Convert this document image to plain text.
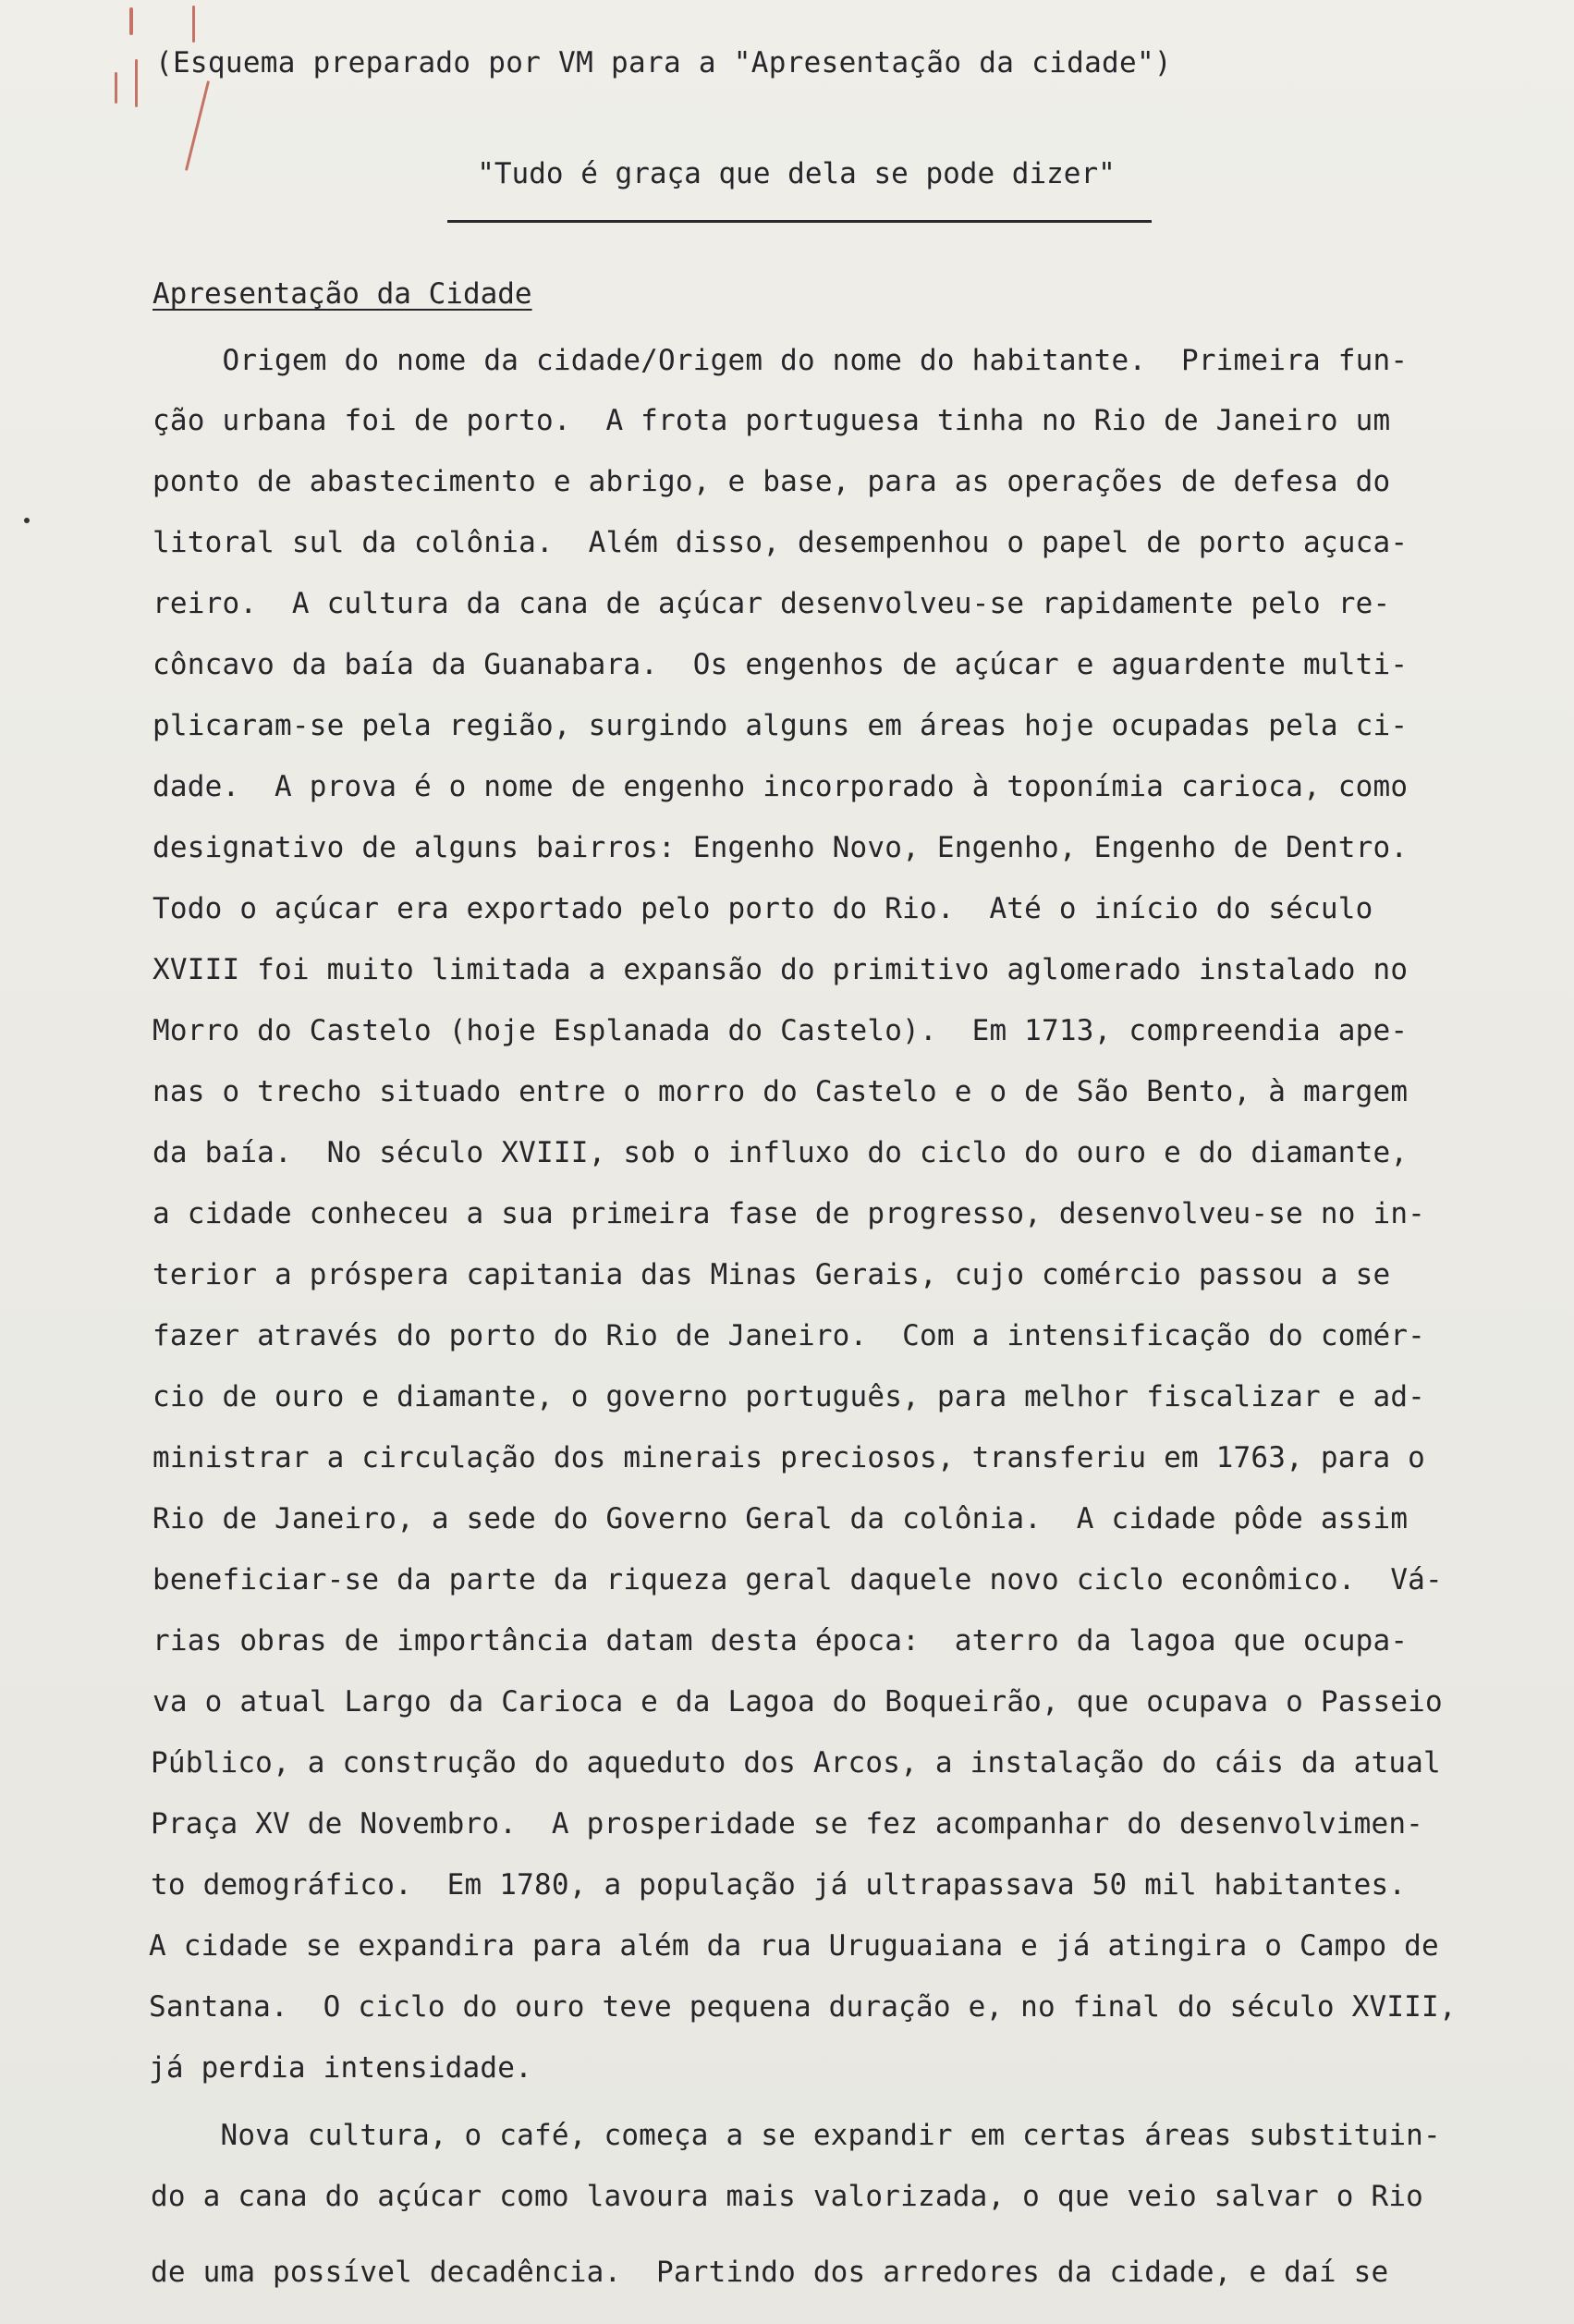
(Esquema preparado por VM para a "Apresentação da cidade")
"Tudo é graça que dela se pode dizer"
Apresentação da Cidade
Origem do nome da cidade/Origem do nome do habitante.  Primeira fun-
ção urbana foi de porto.  A frota portuguesa tinha no Rio de Janeiro um
ponto de abastecimento e abrigo, e base, para as operações de defesa do
litoral sul da colônia.  Além disso, desempenhou o papel de porto açuca-
reiro.  A cultura da cana de açúcar desenvolveu-se rapidamente pelo re-
côncavo da baía da Guanabara.  Os engenhos de açúcar e aguardente multi-
plicaram-se pela região, surgindo alguns em áreas hoje ocupadas pela ci-
dade.  A prova é o nome de engenho incorporado à toponímia carioca, como
designativo de alguns bairros: Engenho Novo, Engenho, Engenho de Dentro.
Todo o açúcar era exportado pelo porto do Rio.  Até o início do século
XVIII foi muito limitada a expansão do primitivo aglomerado instalado no
Morro do Castelo (hoje Esplanada do Castelo).  Em 1713, compreendia ape-
nas o trecho situado entre o morro do Castelo e o de São Bento, à margem
da baía.  No século XVIII, sob o influxo do ciclo do ouro e do diamante,
a cidade conheceu a sua primeira fase de progresso, desenvolveu-se no in-
terior a próspera capitania das Minas Gerais, cujo comércio passou a se
fazer através do porto do Rio de Janeiro.  Com a intensificação do comér-
cio de ouro e diamante, o governo português, para melhor fiscalizar e ad-
ministrar a circulação dos minerais preciosos, transferiu em 1763, para o
Rio de Janeiro, a sede do Governo Geral da colônia.  A cidade pôde assim
beneficiar-se da parte da riqueza geral daquele novo ciclo econômico.  Vá-
rias obras de importância datam desta época:  aterro da lagoa que ocupa-
va o atual Largo da Carioca e da Lagoa do Boqueirão, que ocupava o Passeio
Público, a construção do aqueduto dos Arcos, a instalação do cáis da atual
Praça XV de Novembro.  A prosperidade se fez acompanhar do desenvolvimen-
to demográfico.  Em 1780, a população já ultrapassava 50 mil habitantes.
A cidade se expandira para além da rua Uruguaiana e já atingira o Campo de
Santana.  O ciclo do ouro teve pequena duração e, no final do século XVIII,
já perdia intensidade.
Nova cultura, o café, começa a se expandir em certas áreas substituin-
do a cana do açúcar como lavoura mais valorizada, o que veio salvar o Rio
de uma possível decadência.  Partindo dos arredores da cidade, e daí se
